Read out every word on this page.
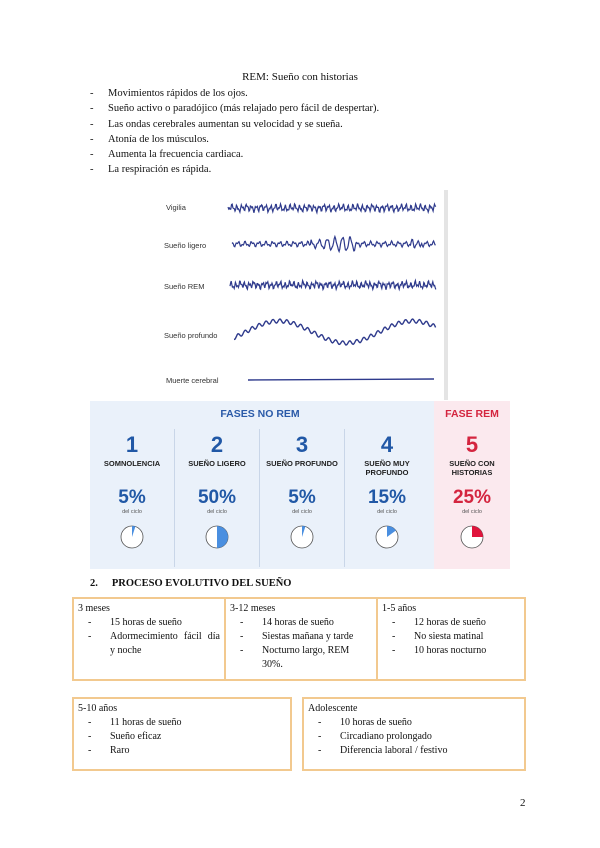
REM: Sueño con historias
- Movimientos rápidos de los ojos.
- Sueño activo o paradójico (más relajado pero fácil de despertar).
- Las ondas cerebrales aumentan su velocidad y se sueña.
- Atonía de los músculos.
- Aumenta la frecuencia cardiaca.
- La respiración es rápida.
Vigilia
Sueño ligero
Sueño REM
Sueño profundo
Muerte cerebral
FASES NO REM	FASE REM
1
SOMNOLENCIA
5%
del ciclo
2
SUEÑO LIGERO
50%
del ciclo
3
SUEÑO PROFUNDO
5%
del ciclo
4
SUEÑO MUY PROFUNDO
15%
del ciclo
5
SUEÑO CON HISTORIAS
25%
del ciclo
2. PROCESO EVOLUTIVO DEL SUEÑO
3 meses
- 15 horas de sueño
- Adormecimiento fácil día y noche
3-12 meses
- 14 horas de sueño
- Siestas mañana y tarde
- Nocturno largo, REM 30%.
1-5 años
- 12 horas de sueño
- No siesta matinal
- 10 horas nocturno
5-10 años
- 11 horas de sueño
- Sueño eficaz
- Raro
Adolescente
- 10 horas de sueño
- Circadiano prolongado
- Diferencia laboral / festivo
2
